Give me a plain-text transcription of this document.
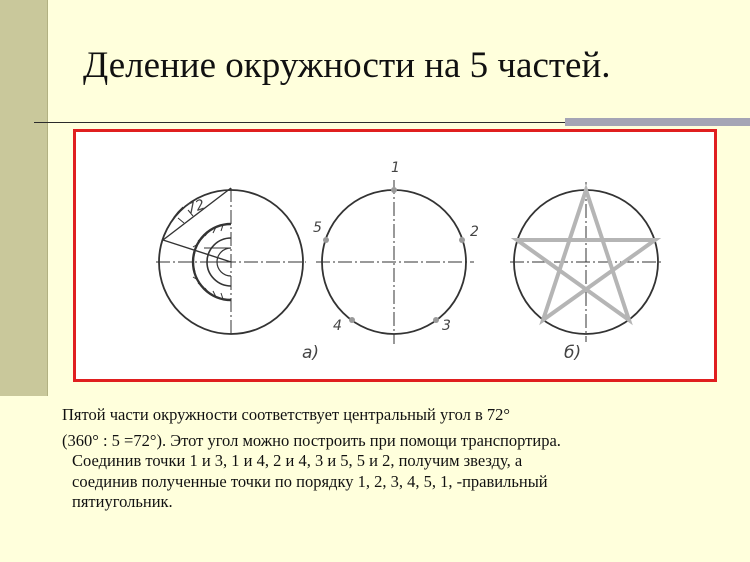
Деление окружности на 5 частей.
72
1
2
3
4
5
а)	б)
Пятой части окружности соответствует центральный угол в 72°
(360° : 5 =72°). Этот угол можно построить при помощи транспортира.
Соединив точки 1 и 3, 1 и 4, 2 и 4, 3 и 5, 5 и 2, получим звезду, а
соединив полученные точки по порядку 1, 2, 3, 4, 5, 1, -правильный
пятиугольник.
